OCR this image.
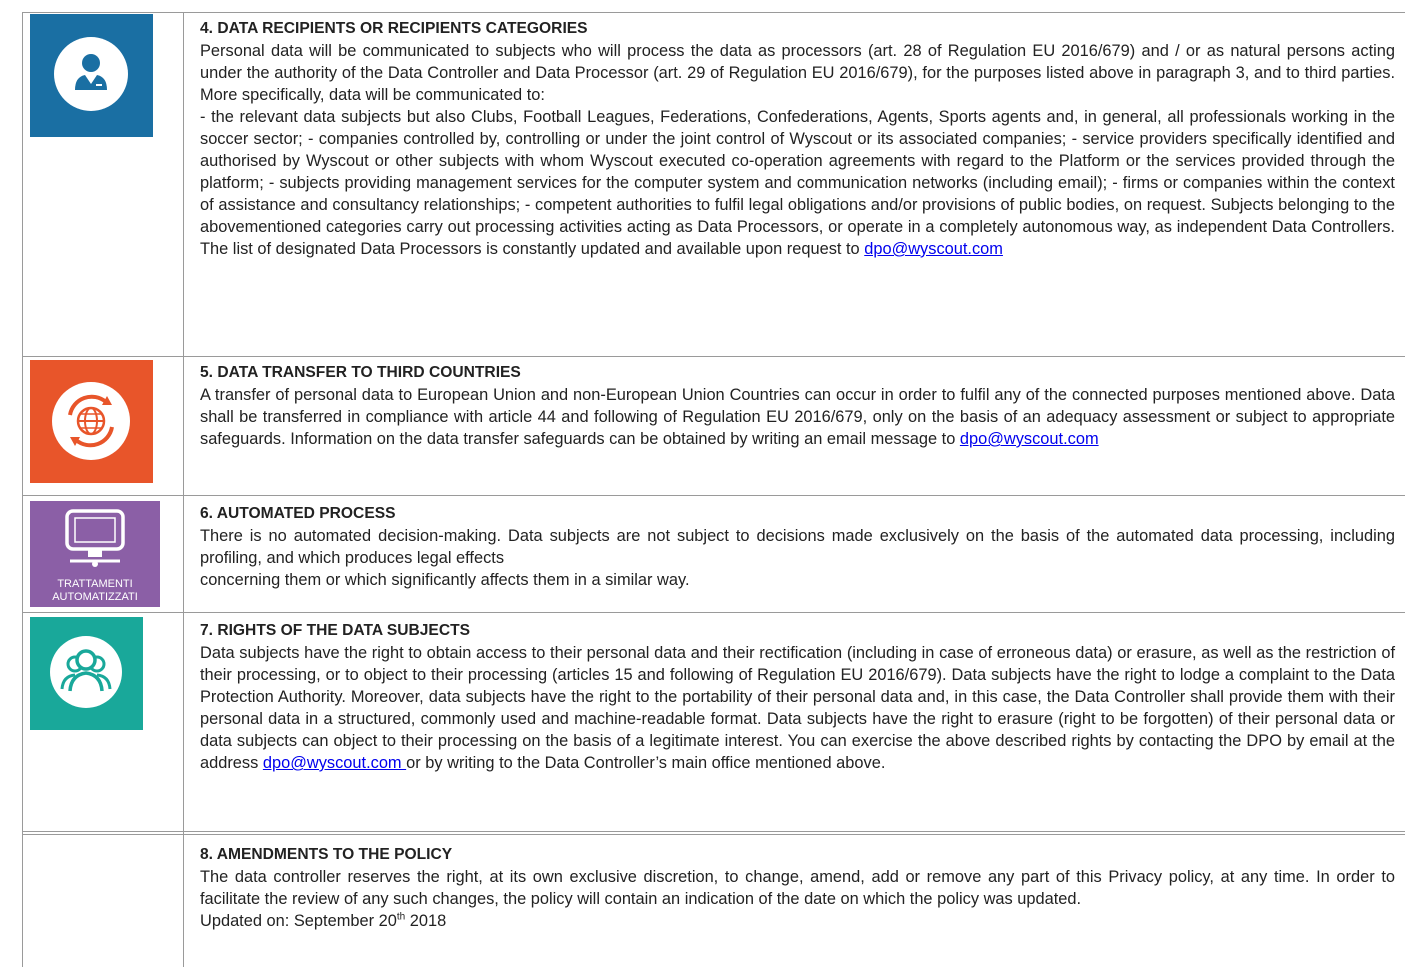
4. DATA RECIPIENTS OR RECIPIENTS CATEGORIES
Personal data will be communicated to subjects who will process the data as processors (art. 28 of Regulation EU 2016/679) and / or as natural persons acting under the authority of the Data Controller and Data Processor (art. 29 of Regulation EU 2016/679), for the purposes listed above in paragraph 3, and to third parties. More specifically, data will be communicated to:
- the relevant data subjects but also Clubs, Football Leagues, Federations, Confederations, Agents, Sports agents and, in general, all professionals working in the soccer sector; - companies controlled by, controlling or under the joint control of Wyscout or its associated companies; - service providers specifically identified and authorised by Wyscout or other subjects with whom Wyscout executed co-operation agreements with regard to the Platform or the services provided through the platform; - subjects providing management services for the computer system and communication networks (including email); - firms or companies within the context of assistance and consultancy relationships; - competent authorities to fulfil legal obligations and/or provisions of public bodies, on request. Subjects belonging to the abovementioned categories carry out processing activities acting as Data Processors, or operate in a completely autonomous way, as independent Data Controllers. The list of designated Data Processors is constantly updated and available upon request to dpo@wyscout.com
5. DATA TRANSFER TO THIRD COUNTRIES
A transfer of personal data to European Union and non-European Union Countries can occur in order to fulfil any of the connected purposes mentioned above. Data shall be transferred in compliance with article 44 and following of Regulation EU 2016/679, only on the basis of an adequacy assessment or subject to appropriate safeguards. Information on the data transfer safeguards can be obtained by writing an email message to dpo@wyscout.com
TRATTAMENTI
AUTOMATIZZATI
6. AUTOMATED PROCESS
There is no automated decision-making. Data subjects are not subject to decisions made exclusively on the basis of the automated data processing, including profiling, and which produces legal effects
concerning them or which significantly affects them in a similar way.
7. RIGHTS OF THE DATA SUBJECTS
Data subjects have the right to obtain access to their personal data and their rectification (including in case of erroneous data) or erasure, as well as the restriction of their processing, or to object to their processing (articles 15 and following of Regulation EU 2016/679). Data subjects have the right to lodge a complaint to the Data Protection Authority. Moreover, data subjects have the right to the portability of their personal data and, in this case, the Data Controller shall provide them with their personal data in a structured, commonly used and machine-readable format. Data subjects have the right to erasure (right to be forgotten) of their personal data or data subjects can object to their processing on the basis of a legitimate interest. You can exercise the above described rights by contacting the DPO by email at the address dpo@wyscout.com or by writing to the Data Controller’s main office mentioned above.
8. AMENDMENTS TO THE POLICY
The data controller reserves the right, at its own exclusive discretion, to change, amend, add or remove any part of this Privacy policy, at any time. In order to facilitate the review of any such changes, the policy will contain an indication of the date on which the policy was updated.
Updated on: September 20th 2018
